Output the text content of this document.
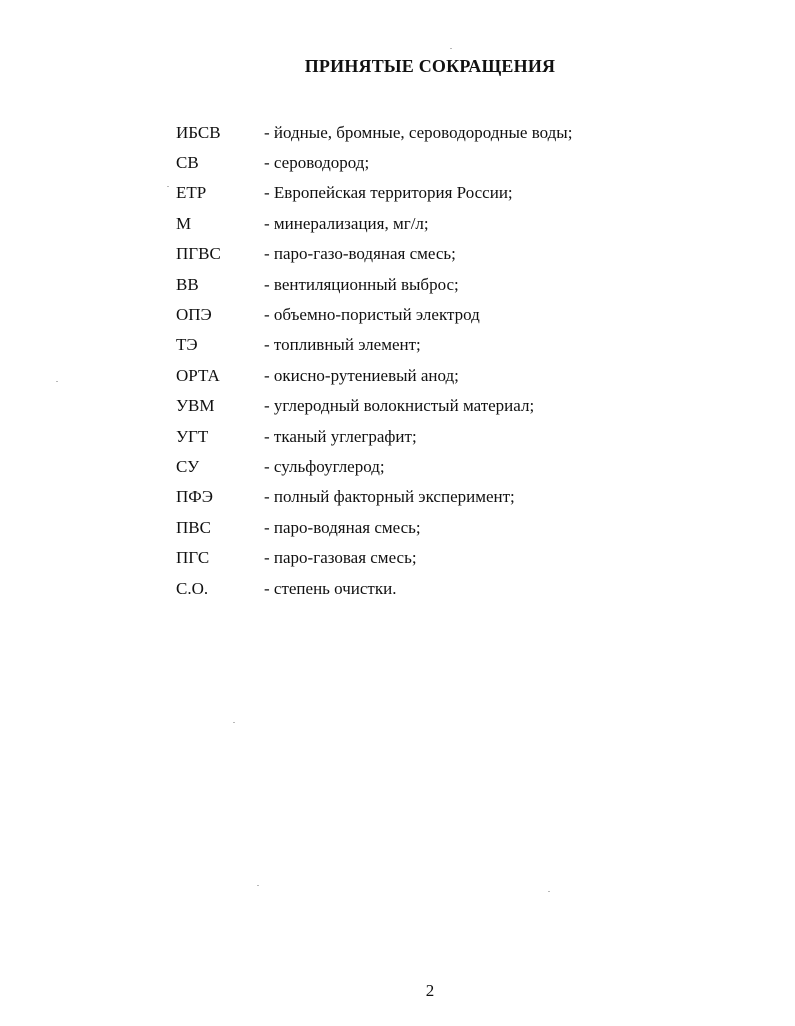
ПРИНЯТЫЕ СОКРАЩЕНИЯ
ИБСВ	- йодные, бромные, сероводородные воды;
СВ	- сероводород;
ЕТР	- Европейская территория России;
М	- минерализация, мг/л;
ПГВС	- паро-газо-водяная смесь;
ВВ	- вентиляционный выброс;
ОПЭ	- объемно-пористый электрод
ТЭ	- топливный элемент;
ОРТА	- окисно-рутениевый анод;
УВМ	- углеродный волокнистый материал;
УГТ	- тканый углеграфит;
СУ	- сульфоуглерод;
ПФЭ	- полный факторный эксперимент;
ПВС	- паро-водяная смесь;
ПГС	- паро-газовая смесь;
С.О.	- степень очистки.
2
